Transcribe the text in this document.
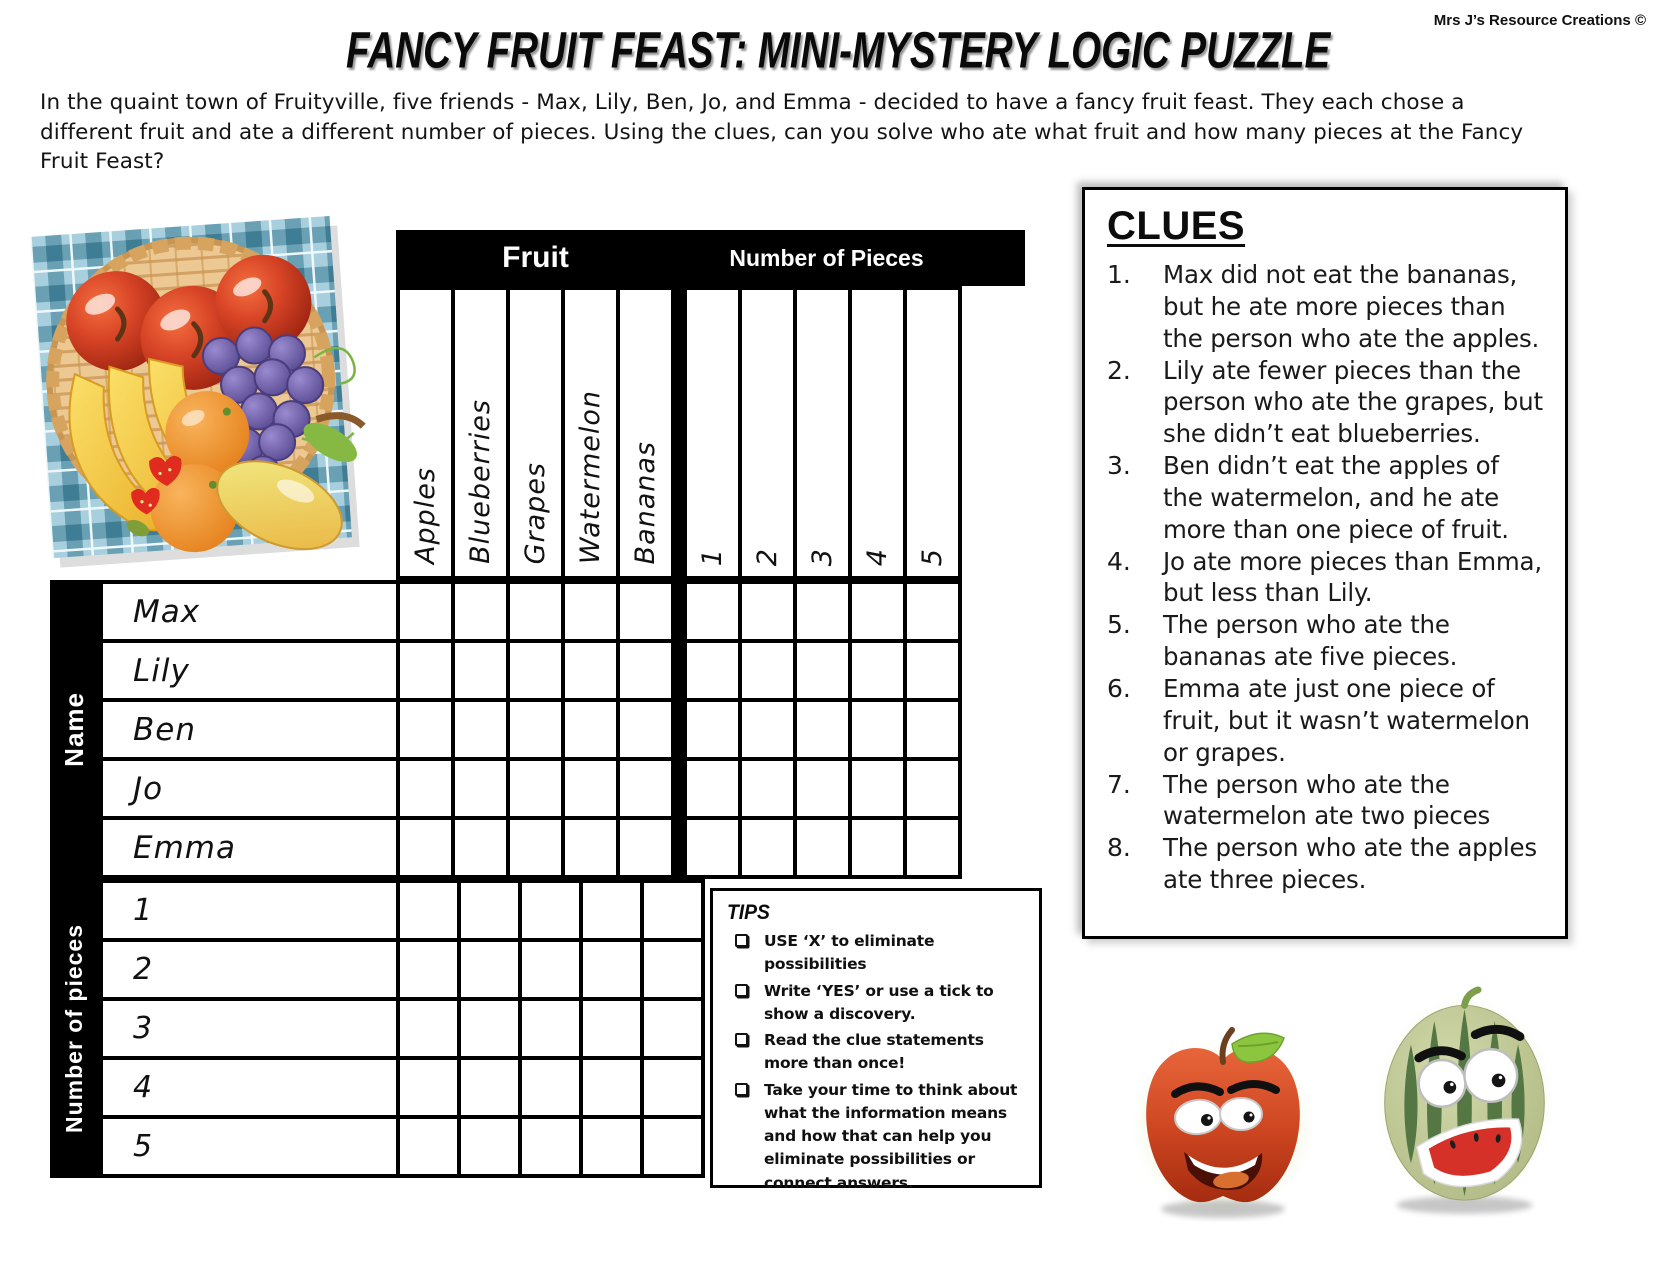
Mrs J’s Resource Creations ©
FANCY FRUIT FEAST: MINI-MYSTERY LOGIC PUZZLE

In the quaint town of Fruityville, five friends - Max, Lily, Ben, Jo, and Emma - decided to have a fancy fruit feast. They each chose a different fruit and ate a different number of pieces. Using the clues, can you solve who ate what fruit and how many pieces at the Fancy Fruit Feast?

Fruit	Number of Pieces
Apples Blueberries Grapes Watermelon Bananas 1 2 3 4 5
Name
Max
Lily
Ben
Jo
Emma
Number of pieces
1
2
3
4
5
CLUES
1.	Max did not eat the bananas, but he ate more pieces than the person who ate the apples.
2.	Lily ate fewer pieces than the person who ate the grapes, but she didn’t eat blueberries.
3.	Ben didn’t eat the apples of the watermelon, and he ate more than one piece of fruit.
4.	Jo ate more pieces than Emma, but less than Lily.
5.	The person who ate the bananas ate five pieces.
6.	Emma ate just one piece of fruit, but it wasn’t watermelon or grapes.
7.	The person who ate the watermelon ate two pieces
8.	The person who ate the apples ate three pieces.
TIPS
USE ‘X’ to eliminate possibilities
Write ‘YES’ or use a tick to show a discovery.
Read the clue statements more than once!
Take your time to think about what the information means and how that can help you eliminate possibilities or connect answers.
